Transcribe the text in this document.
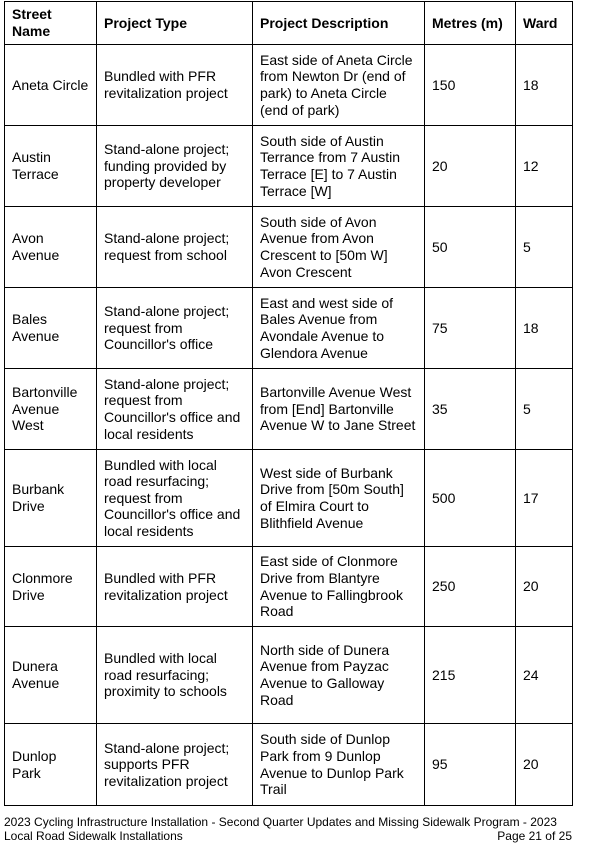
Street Name	Project Type	Project Description	Metres (m)	Ward
Aneta Circle	Bundled with PFR revitalization project	East side of Aneta Circle from Newton Dr (end of park) to Aneta Circle (end of park)	150	18
Austin Terrace	Stand-alone project; funding provided by property developer	South side of Austin Terrance from 7 Austin Terrace [E] to 7 Austin Terrace [W]	20	12
Avon Avenue	Stand-alone project; request from school	South side of Avon Avenue from Avon Crescent to [50m W] Avon Crescent	50	5
Bales Avenue	Stand-alone project; request from Councillor's office	East and west side of Bales Avenue from Avondale Avenue to Glendora Avenue	75	18
Bartonville Avenue West	Stand-alone project; request from Councillor's office and local residents	Bartonville Avenue West from [End] Bartonville Avenue W to Jane Street	35	5
Burbank Drive	Bundled with local road resurfacing; request from Councillor's office and local residents	West side of Burbank Drive from [50m South] of Elmira Court to Blithfield Avenue	500	17
Clonmore Drive	Bundled with PFR revitalization project	East side of Clonmore Drive from Blantyre Avenue to Fallingbrook Road	250	20
Dunera Avenue	Bundled with local road resurfacing; proximity to schools	North side of Dunera Avenue from Payzac Avenue to Galloway Road	215	24
Dunlop Park	Stand-alone project; supports PFR revitalization project	South side of Dunlop Park from 9 Dunlop Avenue to Dunlop Park Trail	95	20
2023 Cycling Infrastructure Installation - Second Quarter Updates and Missing Sidewalk Program - 2023
Local Road Sidewalk Installations	Page 21 of 25
